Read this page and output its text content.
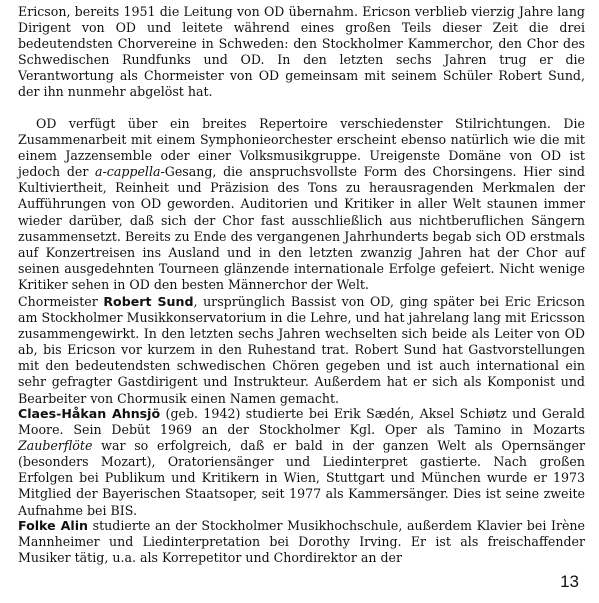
Ericson, bereits 1951 die Leitung von OD übernahm. Ericson verblieb vierzig Jahre lang Dirigent von OD und leitete während eines großen Teils dieser Zeit die drei bedeutendsten Chorvereine in Schweden: den Stockholmer Kammerchor, den Chor des Schwedischen Rundfunks und OD. In den letzten sechs Jahren trug er die Verantwortung als Chormeister von OD gemeinsam mit seinem Schüler Robert Sund, der ihn nunmehr abgelöst hat.

OD verfügt über ein breites Repertoire verschiedenster Stilrichtungen. Die Zusammenarbeit mit einem Symphonieorchester erscheint ebenso natürlich wie die mit einem Jazzensemble oder einer Volksmusikgruppe. Ureigenste Domäne von OD ist jedoch der a-cappella-Gesang, die anspruchsvollste Form des Chorsingens. Hier sind Kultiviertheit, Reinheit und Präzision des Tons zu herausragenden Merkmalen der Aufführungen von OD geworden. Auditorien und Kritiker in aller Welt staunen immer wieder darüber, daß sich der Chor fast ausschließlich aus nichtberuflichen Sängern zusammensetzt. Bereits zu Ende des vergangenen Jahrhunderts begab sich OD erstmals auf Konzertreisen ins Ausland und in den letzten zwanzig Jahren hat der Chor auf seinen ausgedehnten Tourneen glänzende internationale Erfolge gefeiert. Nicht wenige Kritiker sehen in OD den besten Männerchor der Welt.

Chormeister Robert Sund, ursprünglich Bassist von OD, ging später bei Eric Ericson am Stockholmer Musikkonservatorium in die Lehre, und hat jahrelang lang mit Ericsson zusammengewirkt. In den letzten sechs Jahren wechselten sich beide als Leiter von OD ab, bis Ericson vor kurzem in den Ruhestand trat. Robert Sund hat Gastvorstellungen mit den bedeutendsten schwedischen Chören gegeben und ist auch international ein sehr gefragter Gastdirigent und Instrukteur. Außerdem hat er sich als Komponist und Bearbeiter von Chormusik einen Namen gemacht.

Claes-Håkan Ahnsjö (geb. 1942) studierte bei Erik Sædén, Aksel Schiøtz und Gerald Moore. Sein Debüt 1969 an der Stockholmer Kgl. Oper als Tamino in Mozarts Zauberflöte war so erfolgreich, daß er bald in der ganzen Welt als Opernsänger (besonders Mozart), Oratoriensänger und Liedinterpret gastierte. Nach großen Erfolgen bei Publikum und Kritikern in Wien, Stuttgart und München wurde er 1973 Mitglied der Bayerischen Staatsoper, seit 1977 als Kammersänger. Dies ist seine zweite Aufnahme bei BIS.

Folke Alin studierte an der Stockholmer Musikhochschule, außerdem Klavier bei Irène Mannheimer und Liedinterpretation bei Dorothy Irving. Er ist als freischaffender Musiker tätig, u.a. als Korrepetitor und Chordirektor an der

13
